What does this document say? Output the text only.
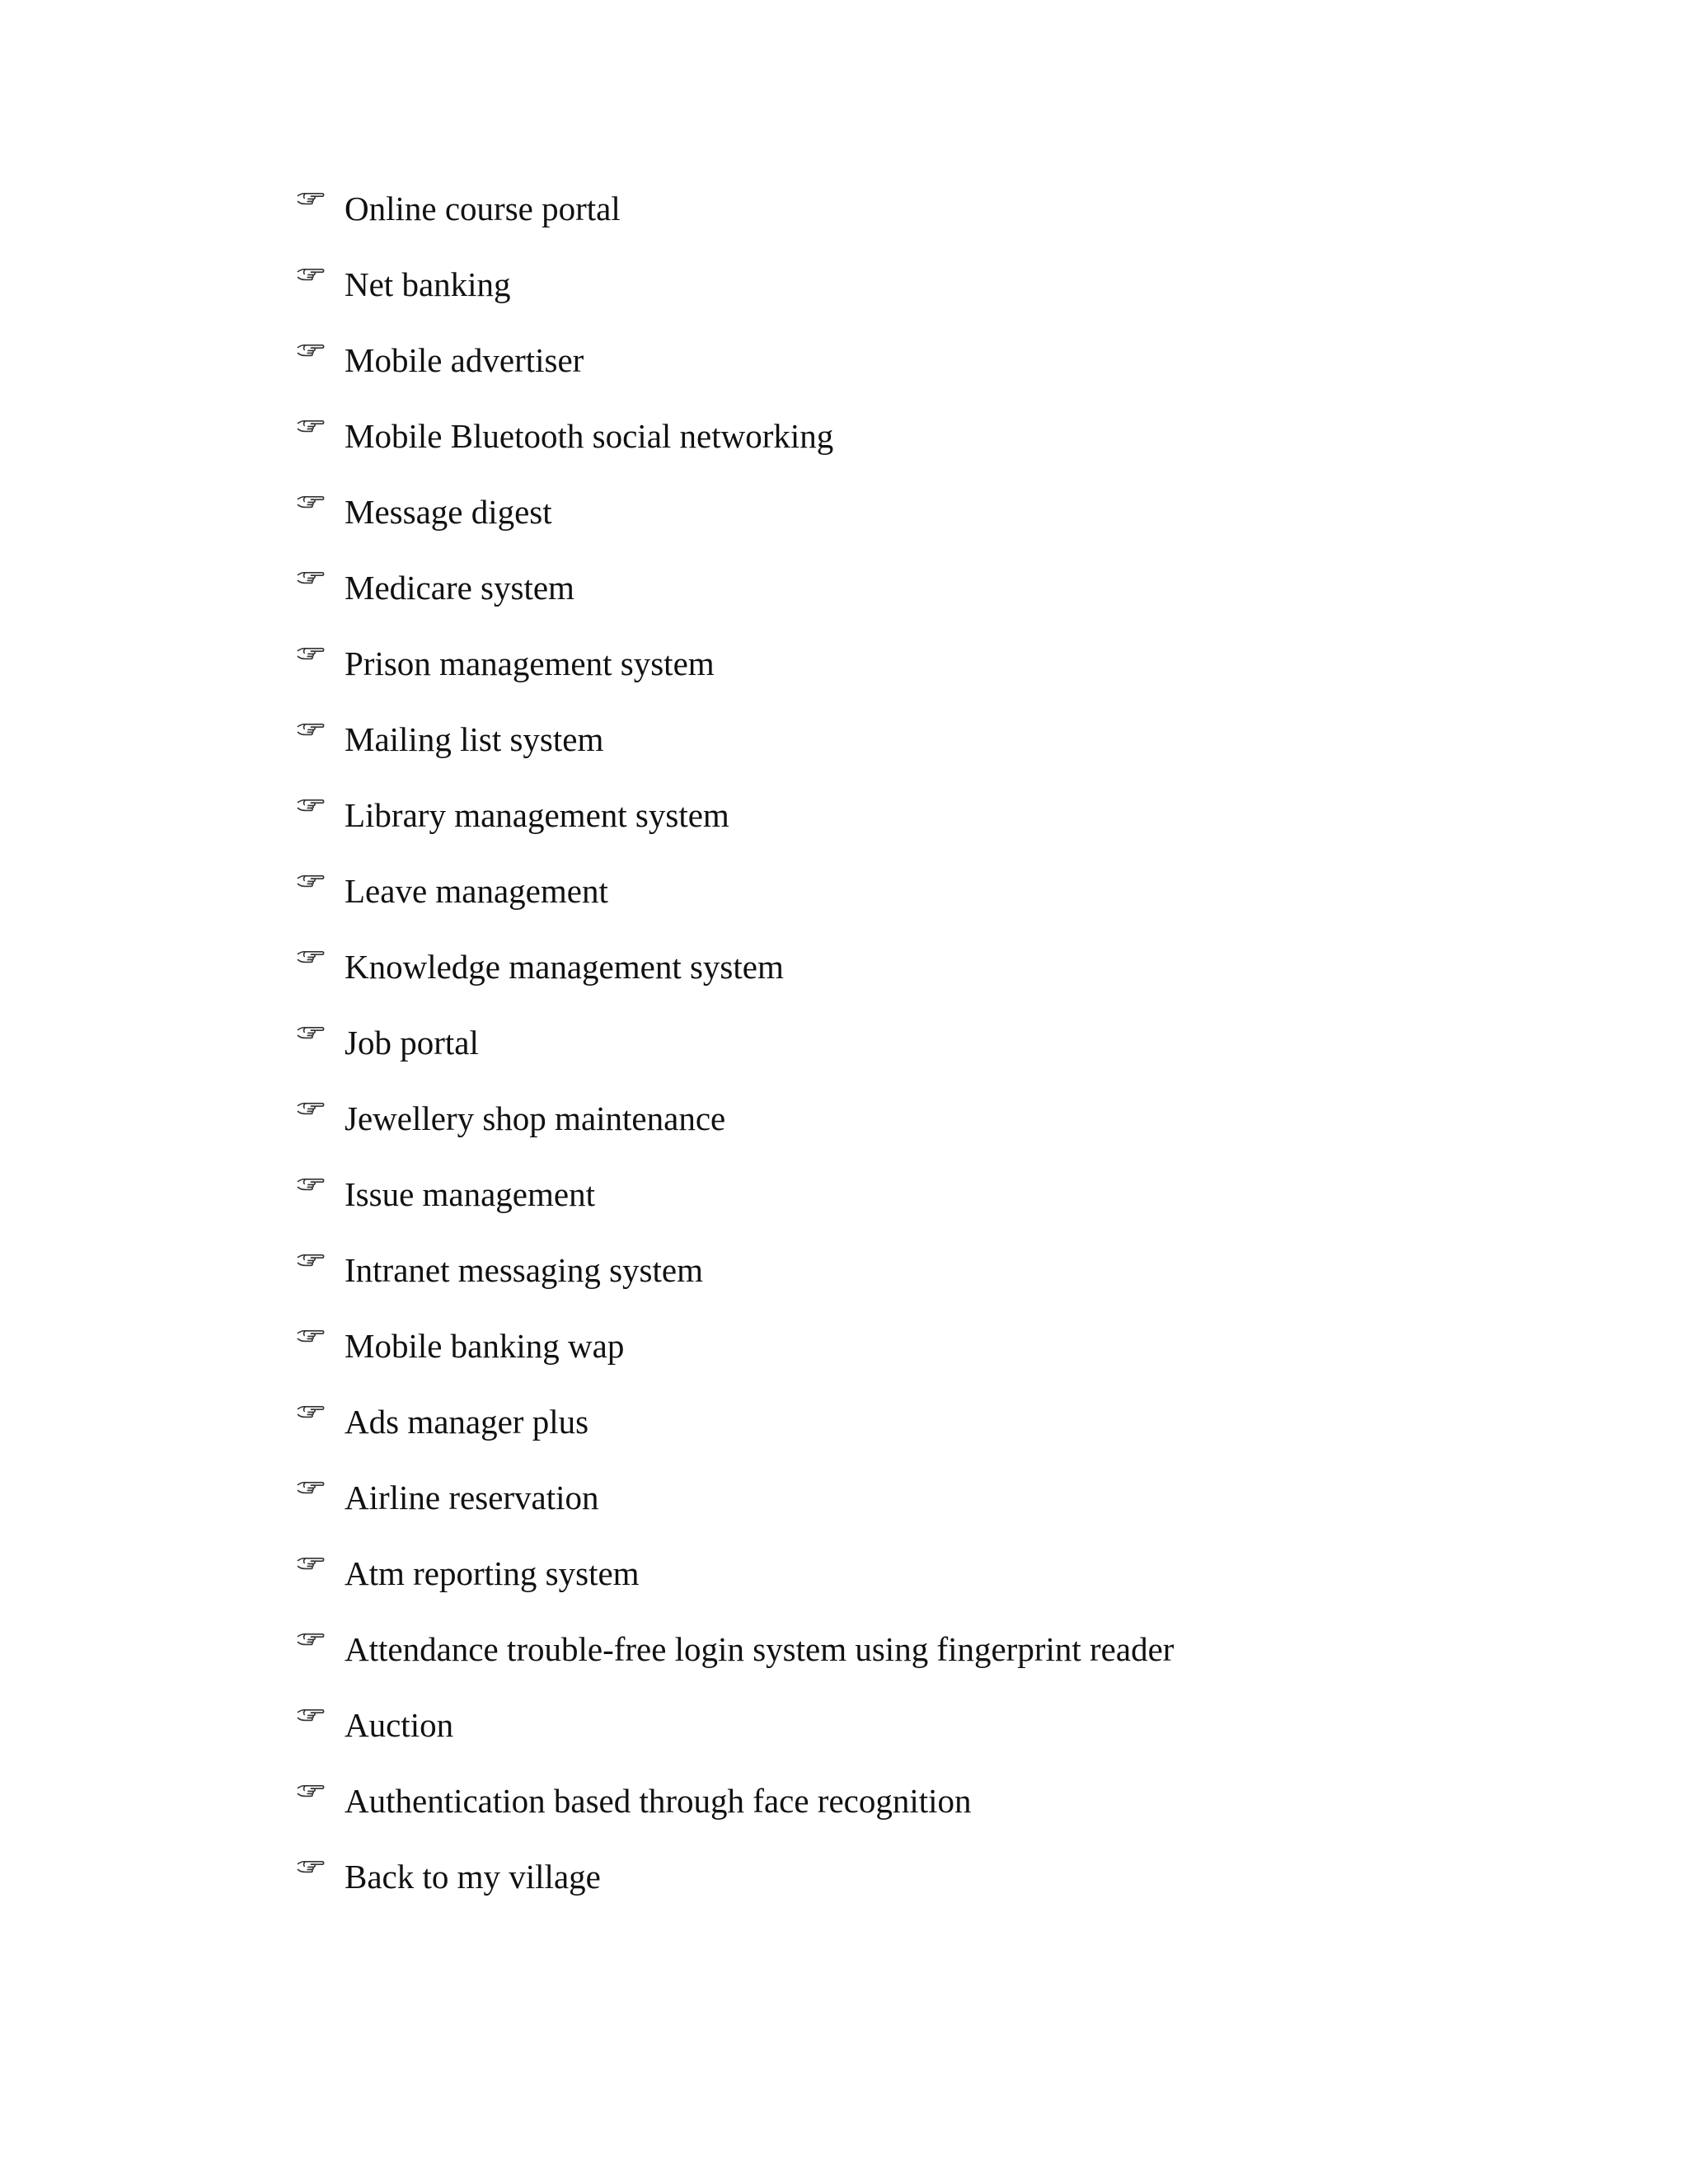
Online course portal
Net banking
Mobile advertiser
Mobile Bluetooth social networking
Message digest
Medicare system
Prison management system
Mailing list system
Library management system
Leave management
Knowledge management system
Job portal
Jewellery shop maintenance
Issue management
Intranet messaging system
Mobile banking wap
Ads manager plus
Airline reservation
Atm reporting system
Attendance trouble-free login system using fingerprint reader
Auction
Authentication based through face recognition
Back to my village
